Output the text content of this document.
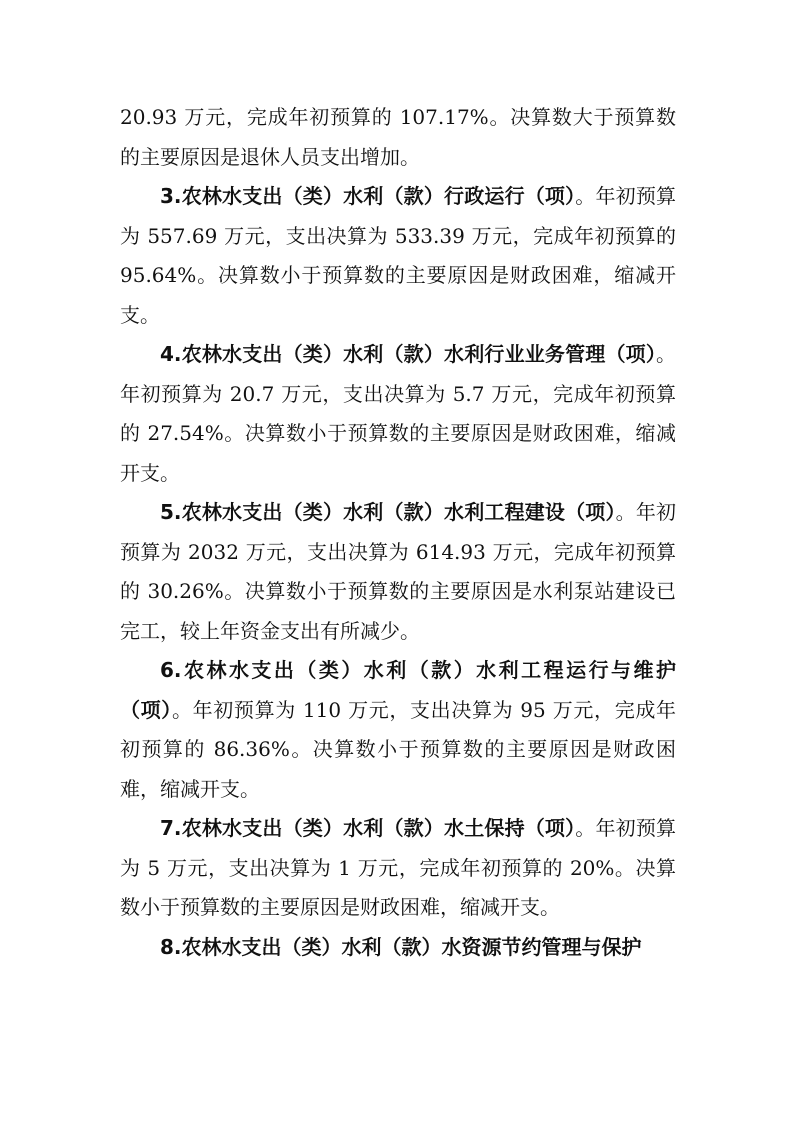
20.93 万元，完成年初预算的 107.17%。决算数大于预算数的主要原因是退休人员支出增加。

3.农林水支出（类）水利（款）行政运行（项）。年初预算为 557.69 万元，支出决算为 533.39 万元，完成年初预算的 95.64%。决算数小于预算数的主要原因是财政困难，缩减开支。

4.农林水支出（类）水利（款）水利行业业务管理（项）。年初预算为 20.7 万元，支出决算为 5.7 万元，完成年初预算的 27.54%。决算数小于预算数的主要原因是财政困难，缩减开支。

5.农林水支出（类）水利（款）水利工程建设（项）。年初预算为 2032 万元，支出决算为 614.93 万元，完成年初预算的 30.26%。决算数小于预算数的主要原因是水利泵站建设已完工，较上年资金支出有所减少。

6.农林水支出（类）水利（款）水利工程运行与维护（项）。年初预算为 110 万元，支出决算为 95 万元，完成年初预算的 86.36%。决算数小于预算数的主要原因是财政困难，缩减开支。

7.农林水支出（类）水利（款）水土保持（项）。年初预算为 5 万元，支出决算为 1 万元，完成年初预算的 20%。决算数小于预算数的主要原因是财政困难，缩减开支。

8.农林水支出（类）水利（款）水资源节约管理与保护
